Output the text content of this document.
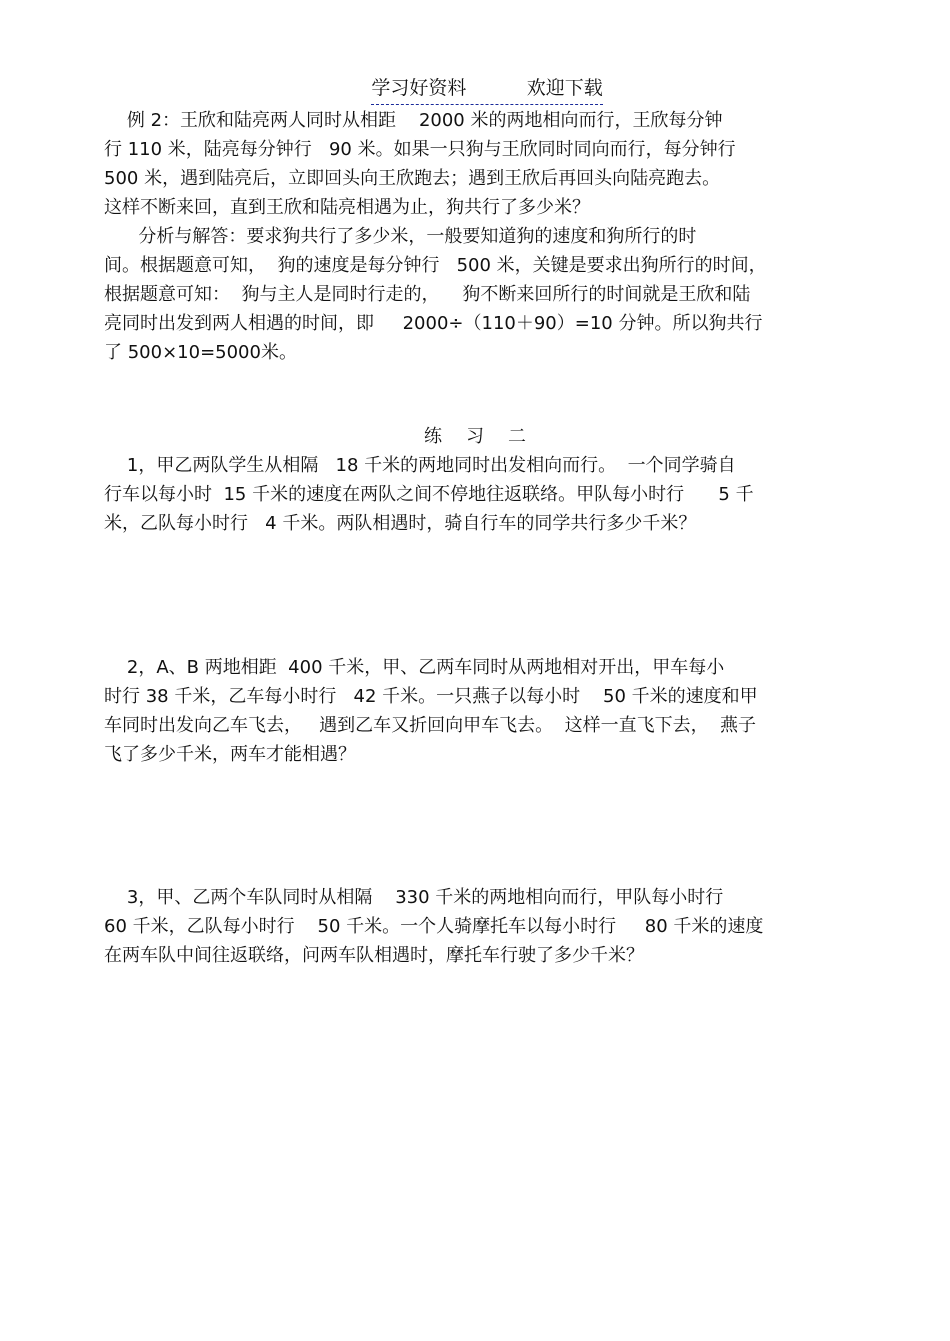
学习好资料          欢迎下载

例 2：王欣和陆亮两人同时从相距    2000 米的两地相向而行，王欣每分钟
行 110 米，陆亮每分钟行   90 米。如果一只狗与王欣同时同向而行，每分钟行
500 米，遇到陆亮后，立即回头向王欣跑去；遇到王欣后再回头向陆亮跑去。
这样不断来回，直到王欣和陆亮相遇为止，狗共行了多少米？
分析与解答：要求狗共行了多少米，一般要知道狗的速度和狗所行的时
间。根据题意可知，  狗的速度是每分钟行   500 米，关键是要求出狗所行的时间，
根据题意可知：  狗与主人是同时行走的，    狗不断来回所行的时间就是王欣和陆
亮同时出发到两人相遇的时间，即     2000÷（110＋90）=10 分钟。所以狗共行
了 500×10=5000米。
练习二
1，甲乙两队学生从相隔   18 千米的两地同时出发相向而行。  一个同学骑自
行车以每小时  15 千米的速度在两队之间不停地往返联络。甲队每小时行      5 千
米，乙队每小时行   4 千米。两队相遇时，骑自行车的同学共行多少千米？
2，A、B 两地相距  400 千米，甲、乙两车同时从两地相对开出，甲车每小
时行 38 千米，乙车每小时行   42 千米。一只燕子以每小时    50 千米的速度和甲
车同时出发向乙车飞去，   遇到乙车又折回向甲车飞去。  这样一直飞下去，  燕子
飞了多少千米，两车才能相遇？
3，甲、乙两个车队同时从相隔    330 千米的两地相向而行，甲队每小时行
60 千米，乙队每小时行    50 千米。一个人骑摩托车以每小时行     80 千米的速度
在两车队中间往返联络，问两车队相遇时，摩托车行驶了多少千米？
